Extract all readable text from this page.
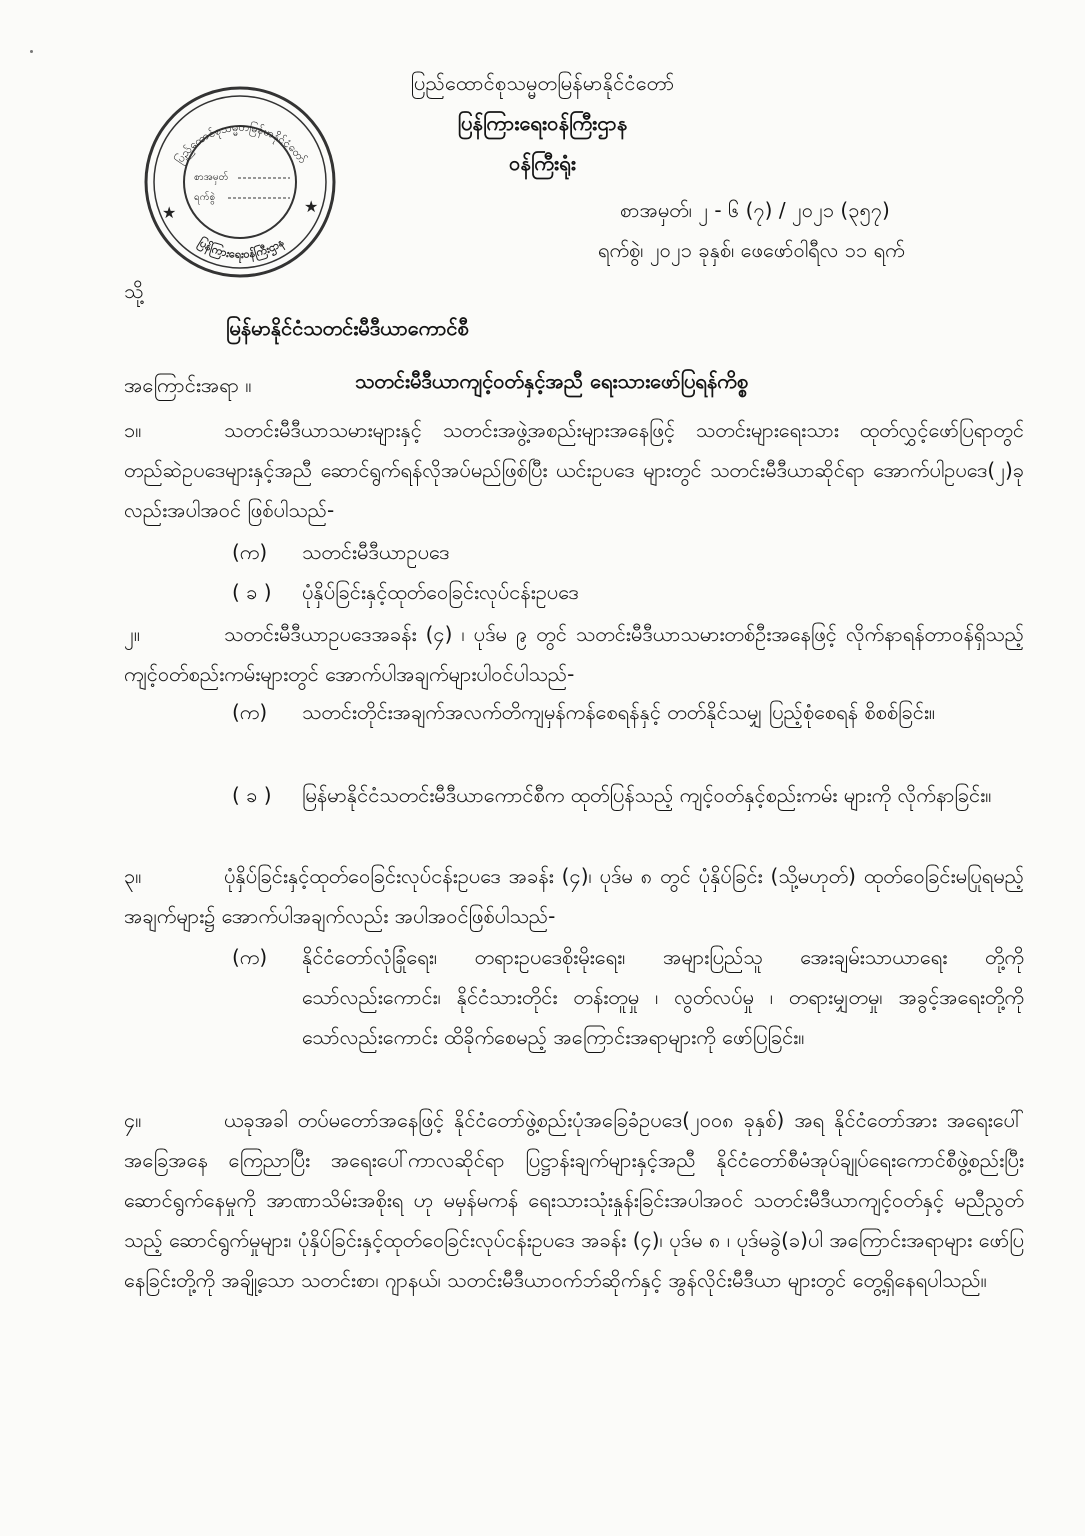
ပြည်ထောင်စုသမ္မတမြန်မာနိုင်ငံတော်
ပြန်ကြားရေးဝန်ကြီးဌာန
ဝန်ကြီးရုံး
ပြည်ထောင်စုသမ္မတမြန်မာနိုင်ငံတော်
ပြန်ကြားရေးဝန်ကြီးဌာန
စာအမှတ်
ရက်စွဲ
★	★	စာအမှတ်၊ ၂ - ၆ (၇) / ၂၀၂၁ (၃၅၇)
ရက်စွဲ၊ ၂၀၂၁ ခုနှစ်၊ ဖေဖော်ဝါရီလ ၁၁ ရက်
သို့
မြန်မာနိုင်ငံသတင်းမီဒီယာကောင်စီ
အကြောင်းအရာ ။	သတင်းမီဒီယာကျင့်ဝတ်နှင့်အညီ ရေးသားဖော်ပြရန်ကိစ္စ
၁။	သတင်းမီဒီယာသမားများနှင့် သတင်းအဖွဲ့အစည်းများအနေဖြင့် သတင်းများရေးသား ထုတ်လွှင့်ဖော်ပြရာတွင် တည်ဆဲဥပဒေများနှင့်အညီ ဆောင်ရွက်ရန်လိုအပ်မည်ဖြစ်ပြီး ယင်းဥပဒေ များတွင် သတင်းမီဒီယာဆိုင်ရာ အောက်ပါဥပဒေ(၂)ခုလည်းအပါအဝင် ဖြစ်ပါသည်-
(က)	သတင်းမီဒီယာဥပဒေ
( ခ )	ပုံနှိပ်ခြင်းနှင့်ထုတ်ဝေခြင်းလုပ်ငန်းဥပဒေ
၂။	သတင်းမီဒီယာဥပဒေအခန်း (၄) ၊ ပုဒ်မ ၉ တွင် သတင်းမီဒီယာသမားတစ်ဦးအနေဖြင့် လိုက်နာရန်တာဝန်ရှိသည့် ကျင့်ဝတ်စည်းကမ်းများတွင် အောက်ပါအချက်များပါဝင်ပါသည်-
(က)	သတင်းတိုင်းအချက်အလက်တိကျမှန်ကန်စေရန်နှင့် တတ်နိုင်သမျှ ပြည့်စုံစေရန် စိစစ်ခြင်း။
( ခ )	မြန်မာနိုင်ငံသတင်းမီဒီယာကောင်စီက ထုတ်ပြန်သည့် ကျင့်ဝတ်နှင့်စည်းကမ်း များကို လိုက်နာခြင်း။
၃။	ပုံနှိပ်ခြင်းနှင့်ထုတ်ဝေခြင်းလုပ်ငန်းဥပဒေ အခန်း (၄)၊ ပုဒ်မ ၈ တွင် ပုံနှိပ်ခြင်း (သို့မဟုတ်) ထုတ်ဝေခြင်းမပြုရမည့် အချက်များ၌ အောက်ပါအချက်လည်း အပါအဝင်ဖြစ်ပါသည်-
(က)	နိုင်ငံတော်လုံခြုံရေး၊ တရားဥပဒေစိုးမိုးရေး၊ အများပြည်သူ အေးချမ်းသာယာရေး တို့ကိုသော်လည်းကောင်း၊ နိုင်ငံသားတိုင်း တန်းတူမှု ၊ လွတ်လပ်မှု ၊ တရားမျှတမှု၊ အခွင့်အရေးတို့ကိုသော်လည်းကောင်း ထိခိုက်စေမည့် အကြောင်းအရာများကို ဖော်ပြခြင်း။
၄။	ယခုအခါ တပ်မတော်အနေဖြင့် နိုင်ငံတော်ဖွဲ့စည်းပုံအခြေခံဥပဒေ(၂၀၀၈ ခုနှစ်) အရ နိုင်ငံတော်အား အရေးပေါ်အခြေအနေ ကြေညာပြီး အရေးပေါ်ကာလဆိုင်ရာ ပြဋ္ဌာန်းချက်များနှင့်အညီ နိုင်ငံတော်စီမံအုပ်ချုပ်ရေးကောင်စီဖွဲ့စည်းပြီး ဆောင်ရွက်နေမှုကို အာဏာသိမ်းအစိုးရ ဟု မမှန်မကန် ရေးသားသုံးနှုန်းခြင်းအပါအဝင် သတင်းမီဒီယာကျင့်ဝတ်နှင့် မညီညွတ်သည့် ဆောင်ရွက်မှုများ၊ ပုံနှိပ်ခြင်းနှင့်ထုတ်ဝေခြင်းလုပ်ငန်းဥပဒေ အခန်း (၄)၊ ပုဒ်မ ၈ ၊ ပုဒ်မခွဲ(ခ)ပါ အကြောင်းအရာများ ဖော်ပြနေခြင်းတို့ကို အချို့သော သတင်းစာ၊ ဂျာနယ်၊ သတင်းမီဒီယာဝက်ဘ်ဆိုက်နှင့် အွန်လိုင်းမီဒီယာ များတွင် တွေ့ရှိနေရပါသည်။
